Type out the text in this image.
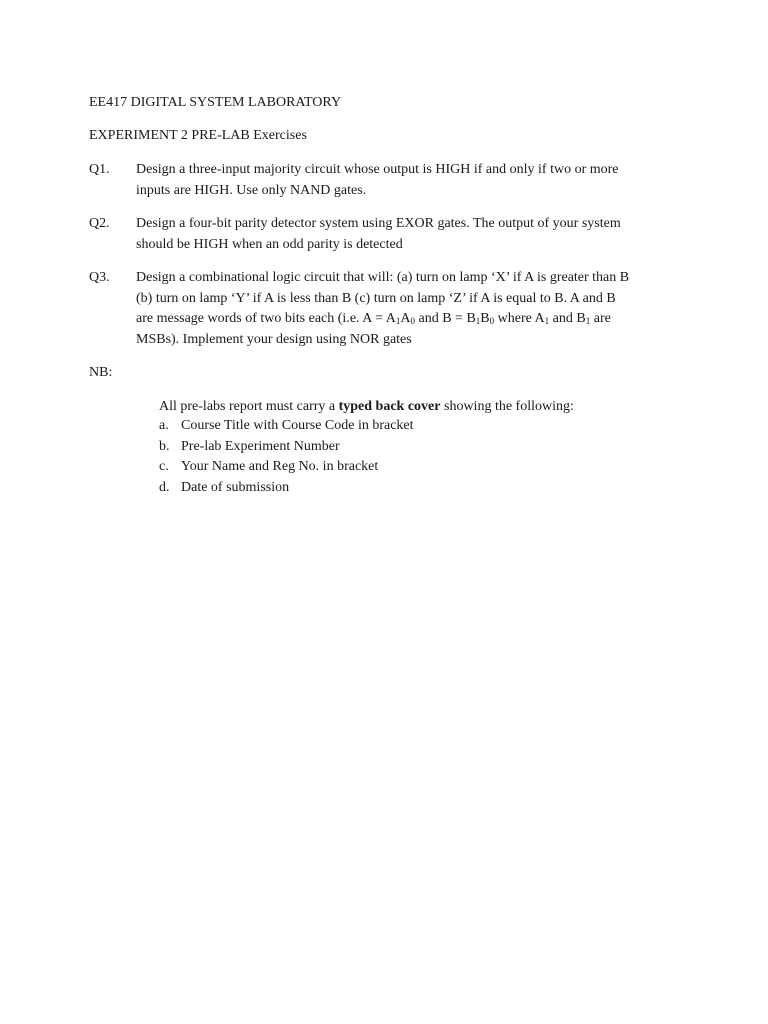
EE417 DIGITAL SYSTEM LABORATORY
EXPERIMENT 2 PRE-LAB Exercises
Q1. Design a three-input majority circuit whose output is HIGH if and only if two or more
inputs are HIGH. Use only NAND gates.
Q2. Design a four-bit parity detector system using EXOR gates. The output of your system
should be HIGH when an odd parity is detected
Q3. Design a combinational logic circuit that will: (a) turn on lamp ‘X’ if A is greater than B
(b) turn on lamp ‘Y’ if A is less than B (c) turn on lamp ‘Z’ if A is equal to B. A and B
are message words of two bits each (i.e. $A = A_1A_0$ and $B = B_1B_0$ where $A_1$ and $B_1$ are
MSBs). Implement your design using NOR gates
NB:
All pre-labs report must carry a typed back cover showing the following:
a. Course Title with Course Code in bracket
b. Pre-lab Experiment Number
c. Your Name and Reg No. in bracket
d. Date of submission
